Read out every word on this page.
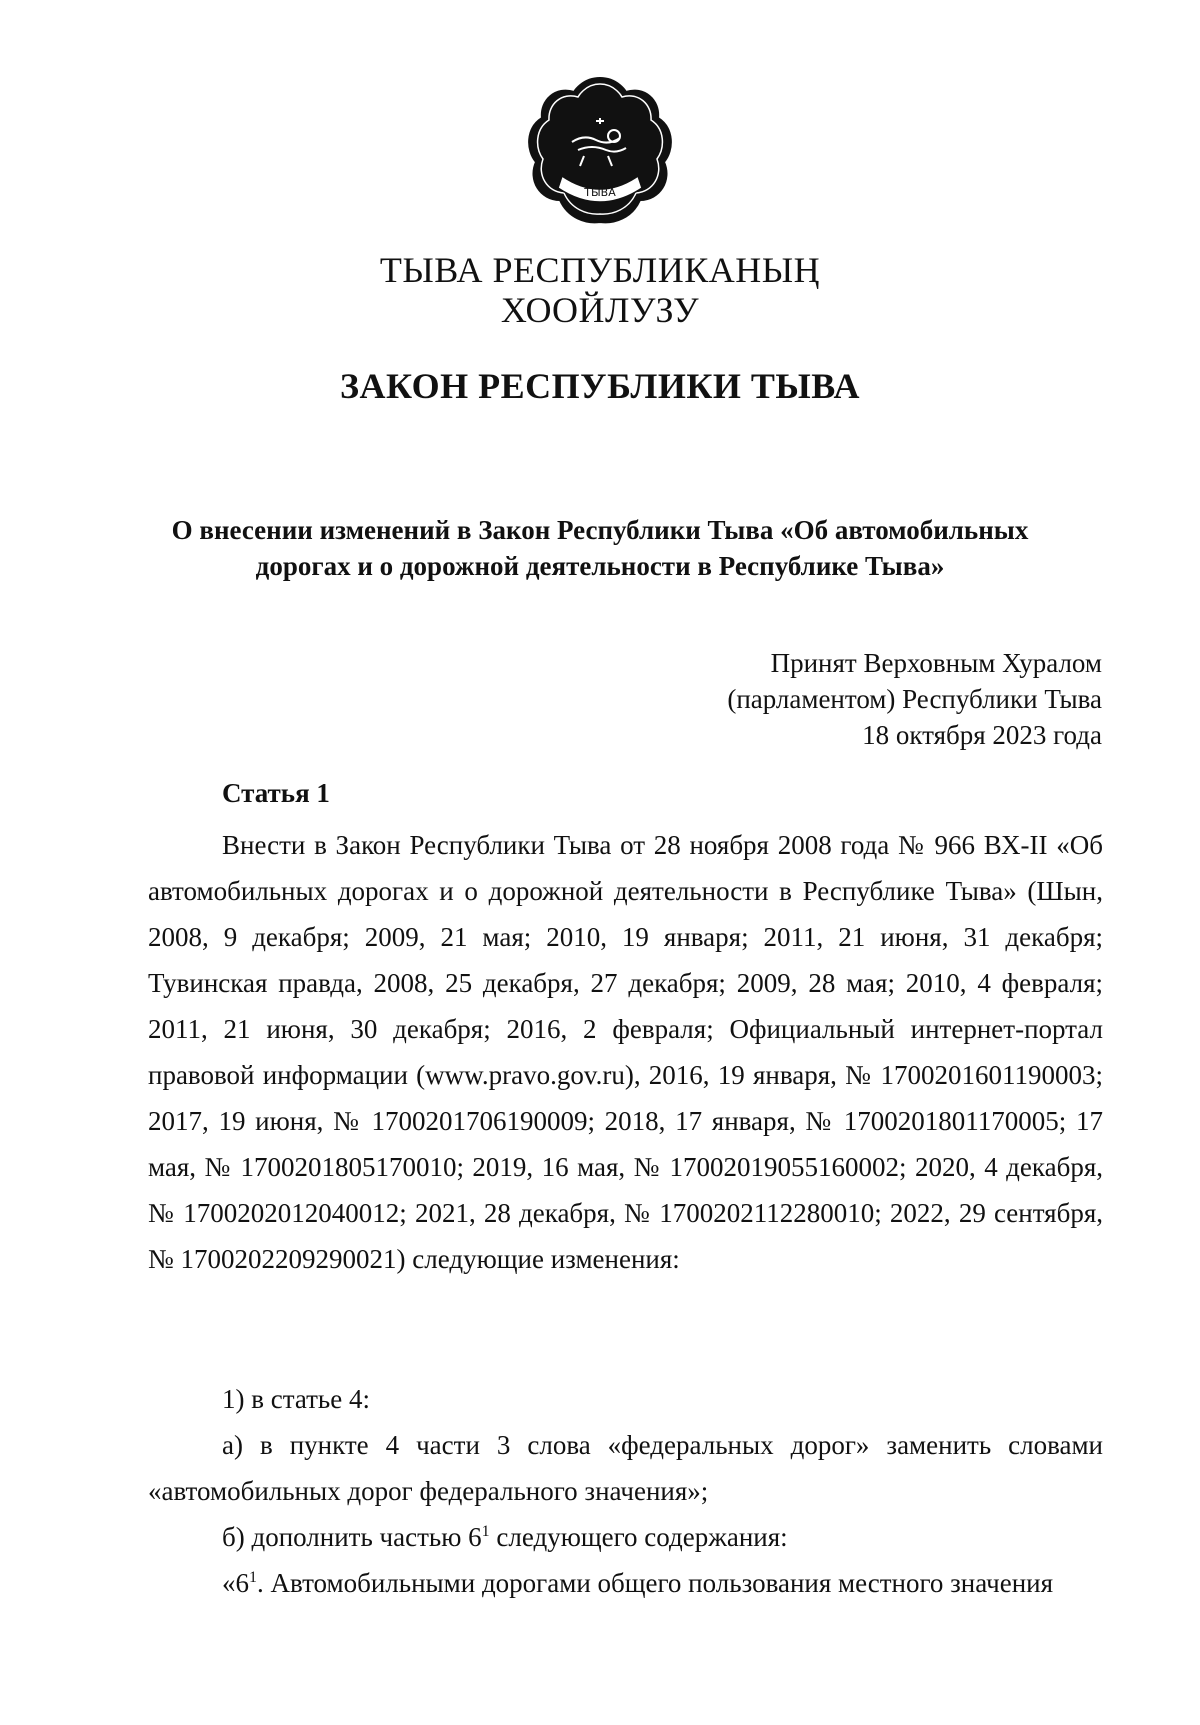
ТЫВА
ТЫВА РЕСПУБЛИКАНЫҢ
ХООЙЛУЗУ
ЗАКОН РЕСПУБЛИКИ ТЫВА
О внесении изменений в Закон Республики Тыва «Об автомобильных
дорогах и о дорожной деятельности в Республике Тыва»
Принят Верховным Хуралом
(парламентом) Республики Тыва
18 октября 2023 года
Статья 1

Внести в Закон Республики Тыва от 28 ноября 2008 года № 966 ВХ-II «Об автомобильных дорогах и о дорожной деятельности в Республике Тыва» (Шын, 2008, 9 декабря; 2009, 21 мая; 2010, 19 января; 2011, 21 июня, 31 декабря; Тувинская правда, 2008, 25 декабря, 27 декабря; 2009, 28 мая; 2010, 4 февраля; 2011, 21 июня, 30 декабря; 2016, 2 февраля; Официальный интернет-портал правовой информации (www.pravo.gov.ru), 2016, 19 января, № 1700201601190003; 2017, 19 июня, № 1700201706190009; 2018, 17 января, № 1700201801170005; 17 мая, № 1700201805170010; 2019, 16 мая, № 17002019055160002; 2020, 4 декабря, № 1700202012040012; 2021, 28 декабря, № 1700202112280010; 2022, 29 сентября, № 1700202209290021) следующие изменения:

1) в статье 4:

а) в пункте 4 части 3 слова «федеральных дорог» заменить словами «автомобильных дорог федерального значения»;

б) дополнить частью $6^1$ следующего содержания:

«$6^1$. Автомобильными дорогами общего пользования местного значения
